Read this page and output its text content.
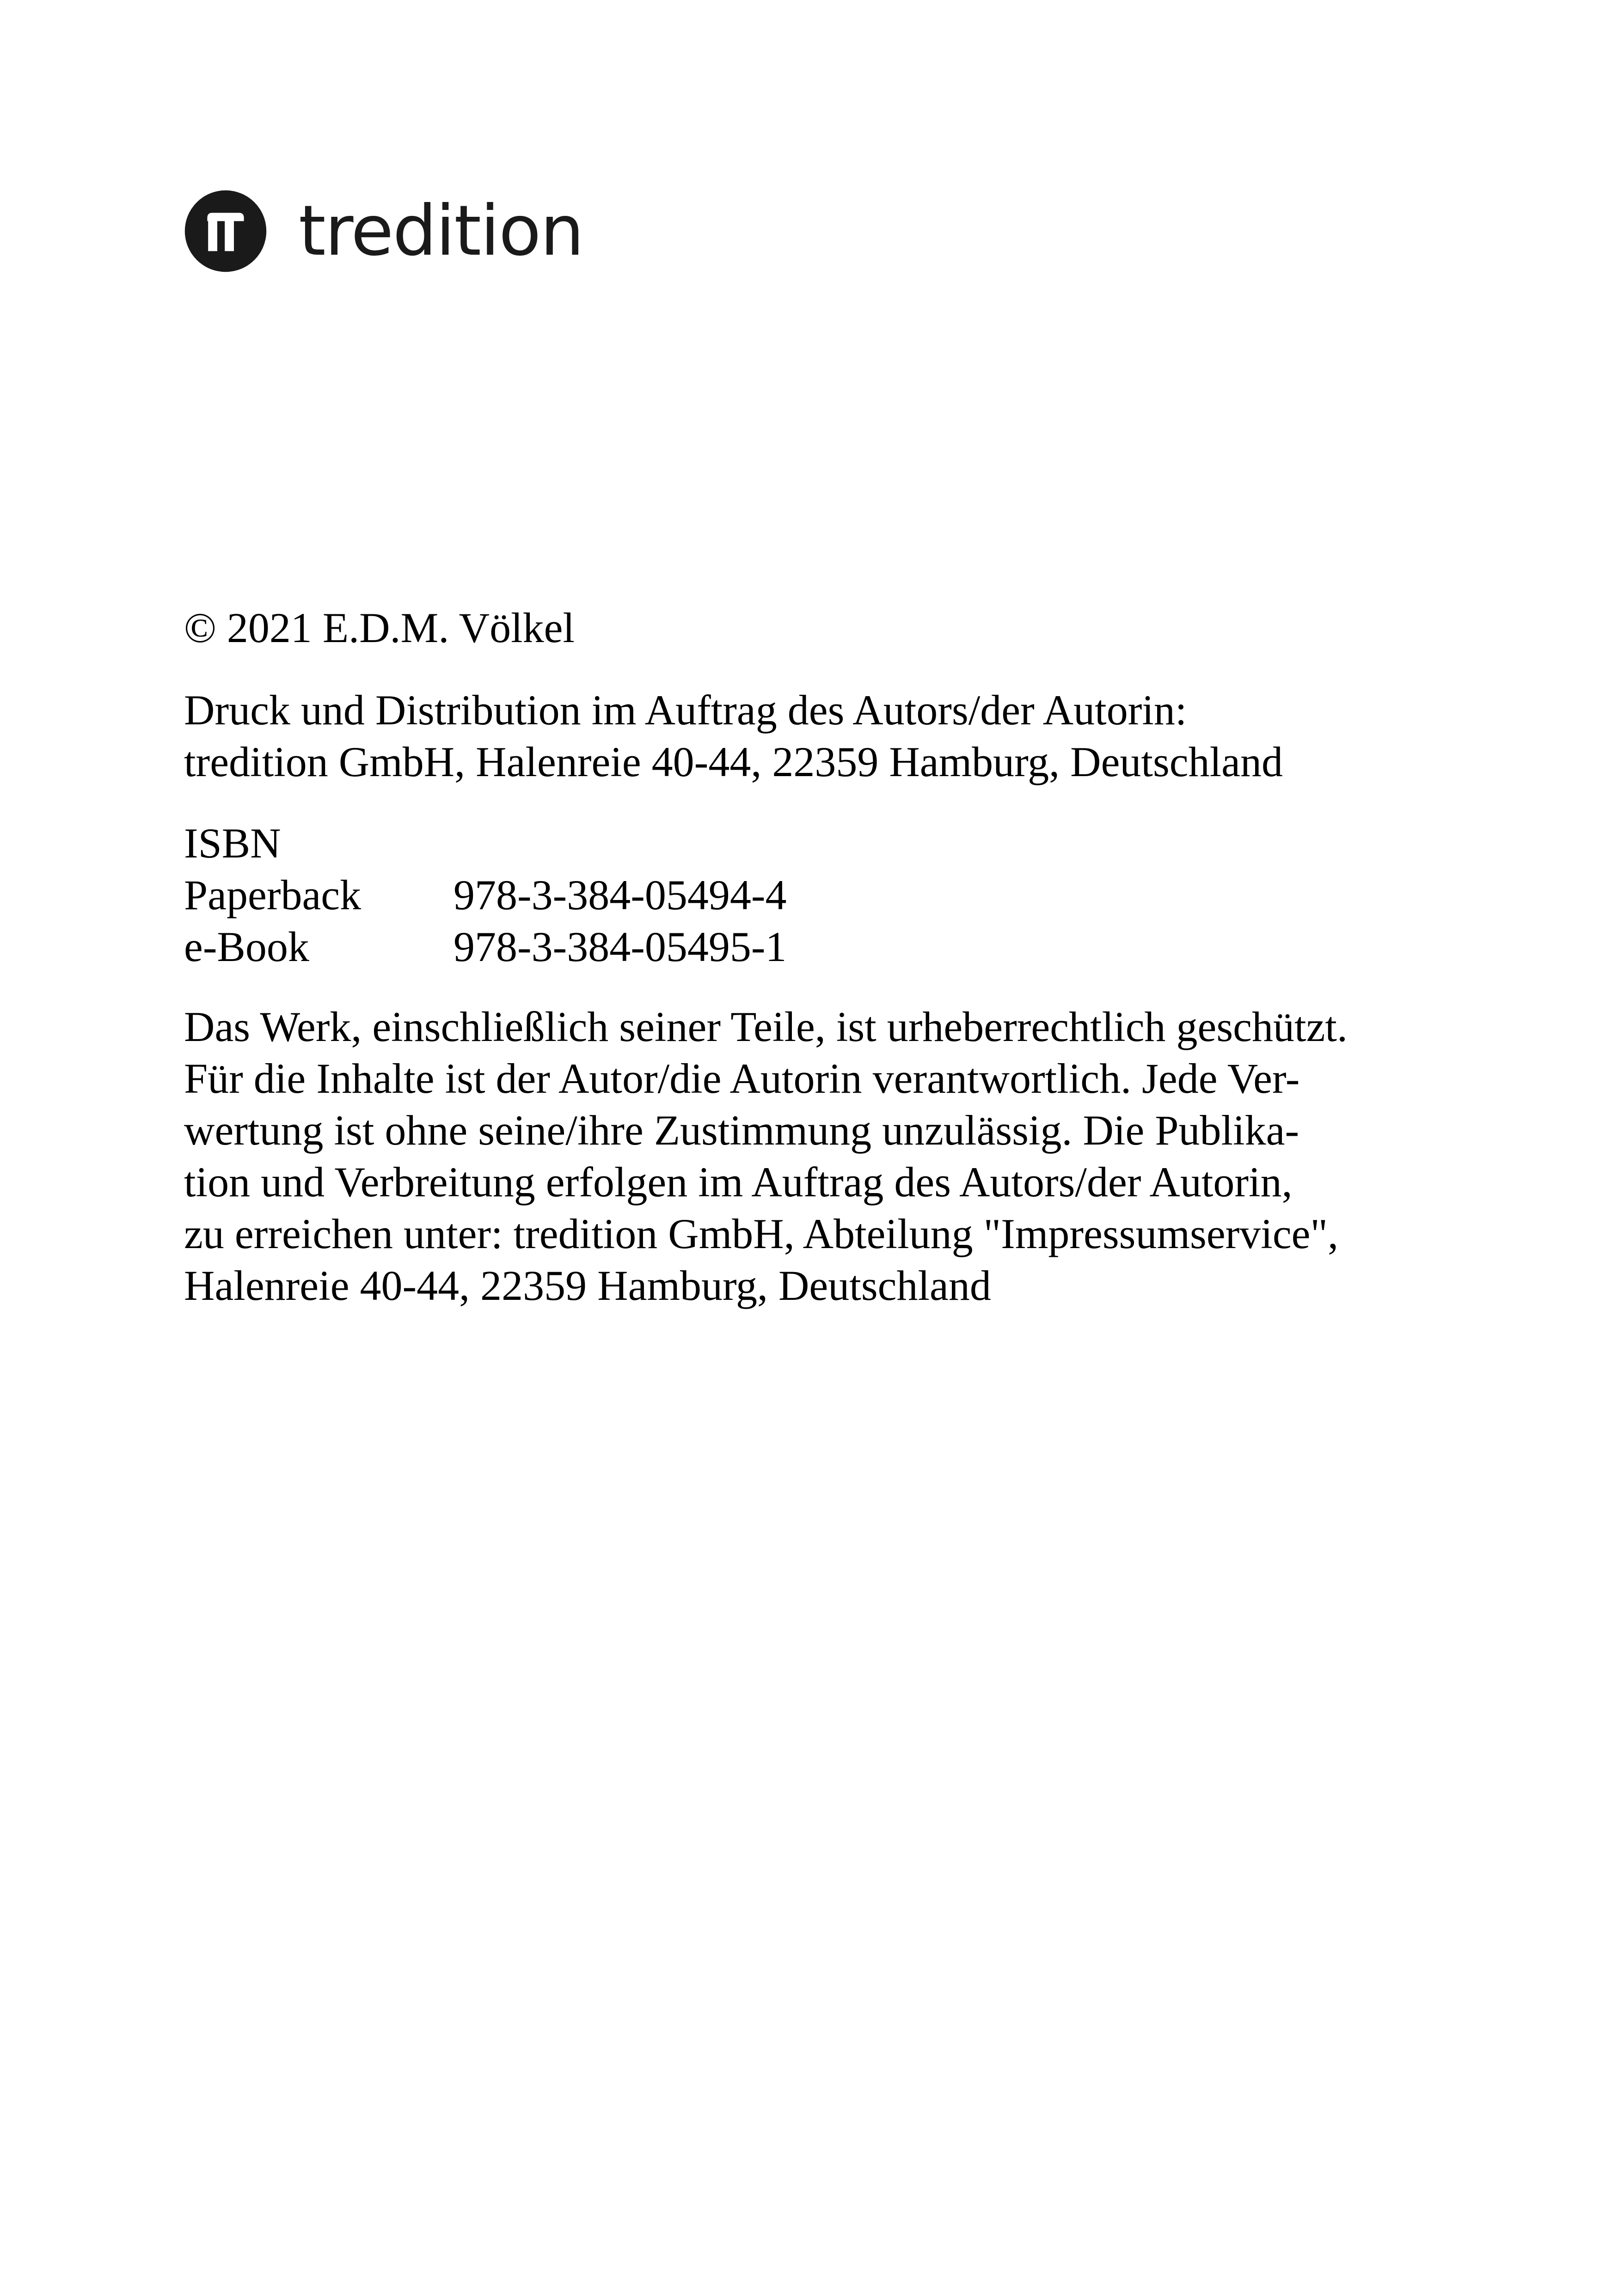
tredition
© 2021 E.D.M. Völkel
Druck und Distribution im Auftrag des Autors/der Autorin:
tredition GmbH, Halenreie 40-44, 22359 Hamburg, Deutschland
ISBN
Paperback	978-3-384-05494-4
e-Book	978-3-384-05495-1
Das Werk, einschließlich seiner Teile, ist urheberrechtlich geschützt.
Für die Inhalte ist der Autor/die Autorin verantwortlich. Jede Ver-
wertung ist ohne seine/ihre Zustimmung unzulässig. Die Publika-
tion und Verbreitung erfolgen im Auftrag des Autors/der Autorin,
zu erreichen unter: tredition GmbH, Abteilung "Impressumservice",
Halenreie 40-44, 22359 Hamburg, Deutschland
